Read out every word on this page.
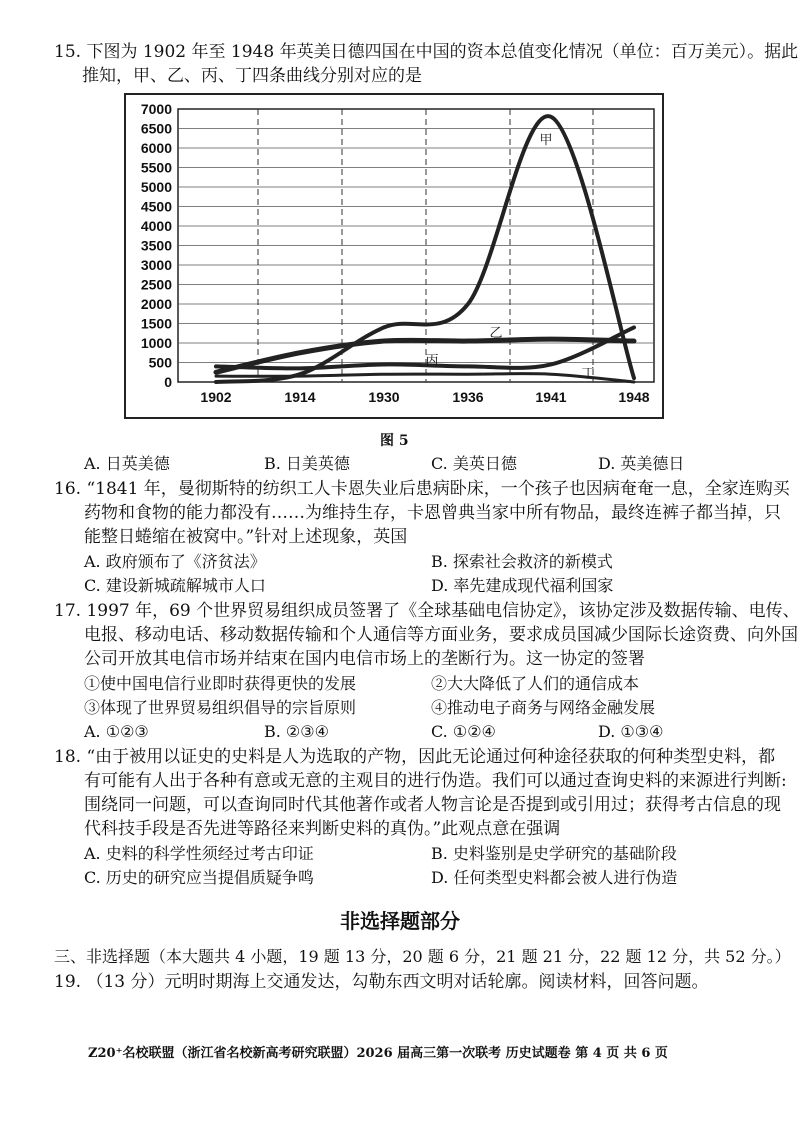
15. 下图为 1902 年至 1948 年英美日德四国在中国的资本总值变化情况（单位：百万美元）。据此
推知，甲、乙、丙、丁四条曲线分别对应的是
0
500
1000
1500
2000
2500
3000
3500
4000
4500
5000
5500
6000
6500
7000
1902	1914	1930	1936	1941	1948
甲
乙
丙
丁
图 5
A. 日英美德	B. 日美英德	C. 美英日德	D. 英美德日
16. “1841 年，曼彻斯特的纺织工人卡恩失业后患病卧床，一个孩子也因病奄奄一息，全家连购买
药物和食物的能力都没有……为维持生存，卡恩曾典当家中所有物品，最终连裤子都当掉，只
能整日蜷缩在被窝中。”针对上述现象，英国
A. 政府颁布了《济贫法》	B. 探索社会救济的新模式
C. 建设新城疏解城市人口	D. 率先建成现代福利国家
17. 1997 年，69 个世界贸易组织成员签署了《全球基础电信协定》，该协定涉及数据传输、电传、
电报、移动电话、移动数据传输和个人通信等方面业务，要求成员国减少国际长途资费、向外国
公司开放其电信市场并结束在国内电信市场上的垄断行为。这一协定的签署
①使中国电信行业即时获得更快的发展	②大大降低了人们的通信成本
③体现了世界贸易组织倡导的宗旨原则	④推动电子商务与网络金融发展
A. ①②③	B. ②③④	C. ①②④	D. ①③④
18. “由于被用以证史的史料是人为选取的产物，因此无论通过何种途径获取的何种类型史料，都
有可能有人出于各种有意或无意的主观目的进行伪造。我们可以通过查询史料的来源进行判断:
围绕同一问题，可以查询同时代其他著作或者人物言论是否提到或引用过；获得考古信息的现
代科技手段是否先进等路径来判断史料的真伪。”此观点意在强调
A. 史料的科学性须经过考古印证	B. 史料鉴别是史学研究的基础阶段
C. 历史的研究应当提倡质疑争鸣	D. 任何类型史料都会被人进行伪造
非选择题部分
三、非选择题（本大题共 4 小题，19 题 13 分，20 题 6 分，21 题 21 分，22 题 12 分，共 52 分。）
19. （13 分）元明时期海上交通发达，勾勒东西文明对话轮廓。阅读材料，回答问题。
Z20⁺名校联盟（浙江省名校新高考研究联盟）2026 届高三第一次联考 历史试题卷 第 4 页 共 6 页
